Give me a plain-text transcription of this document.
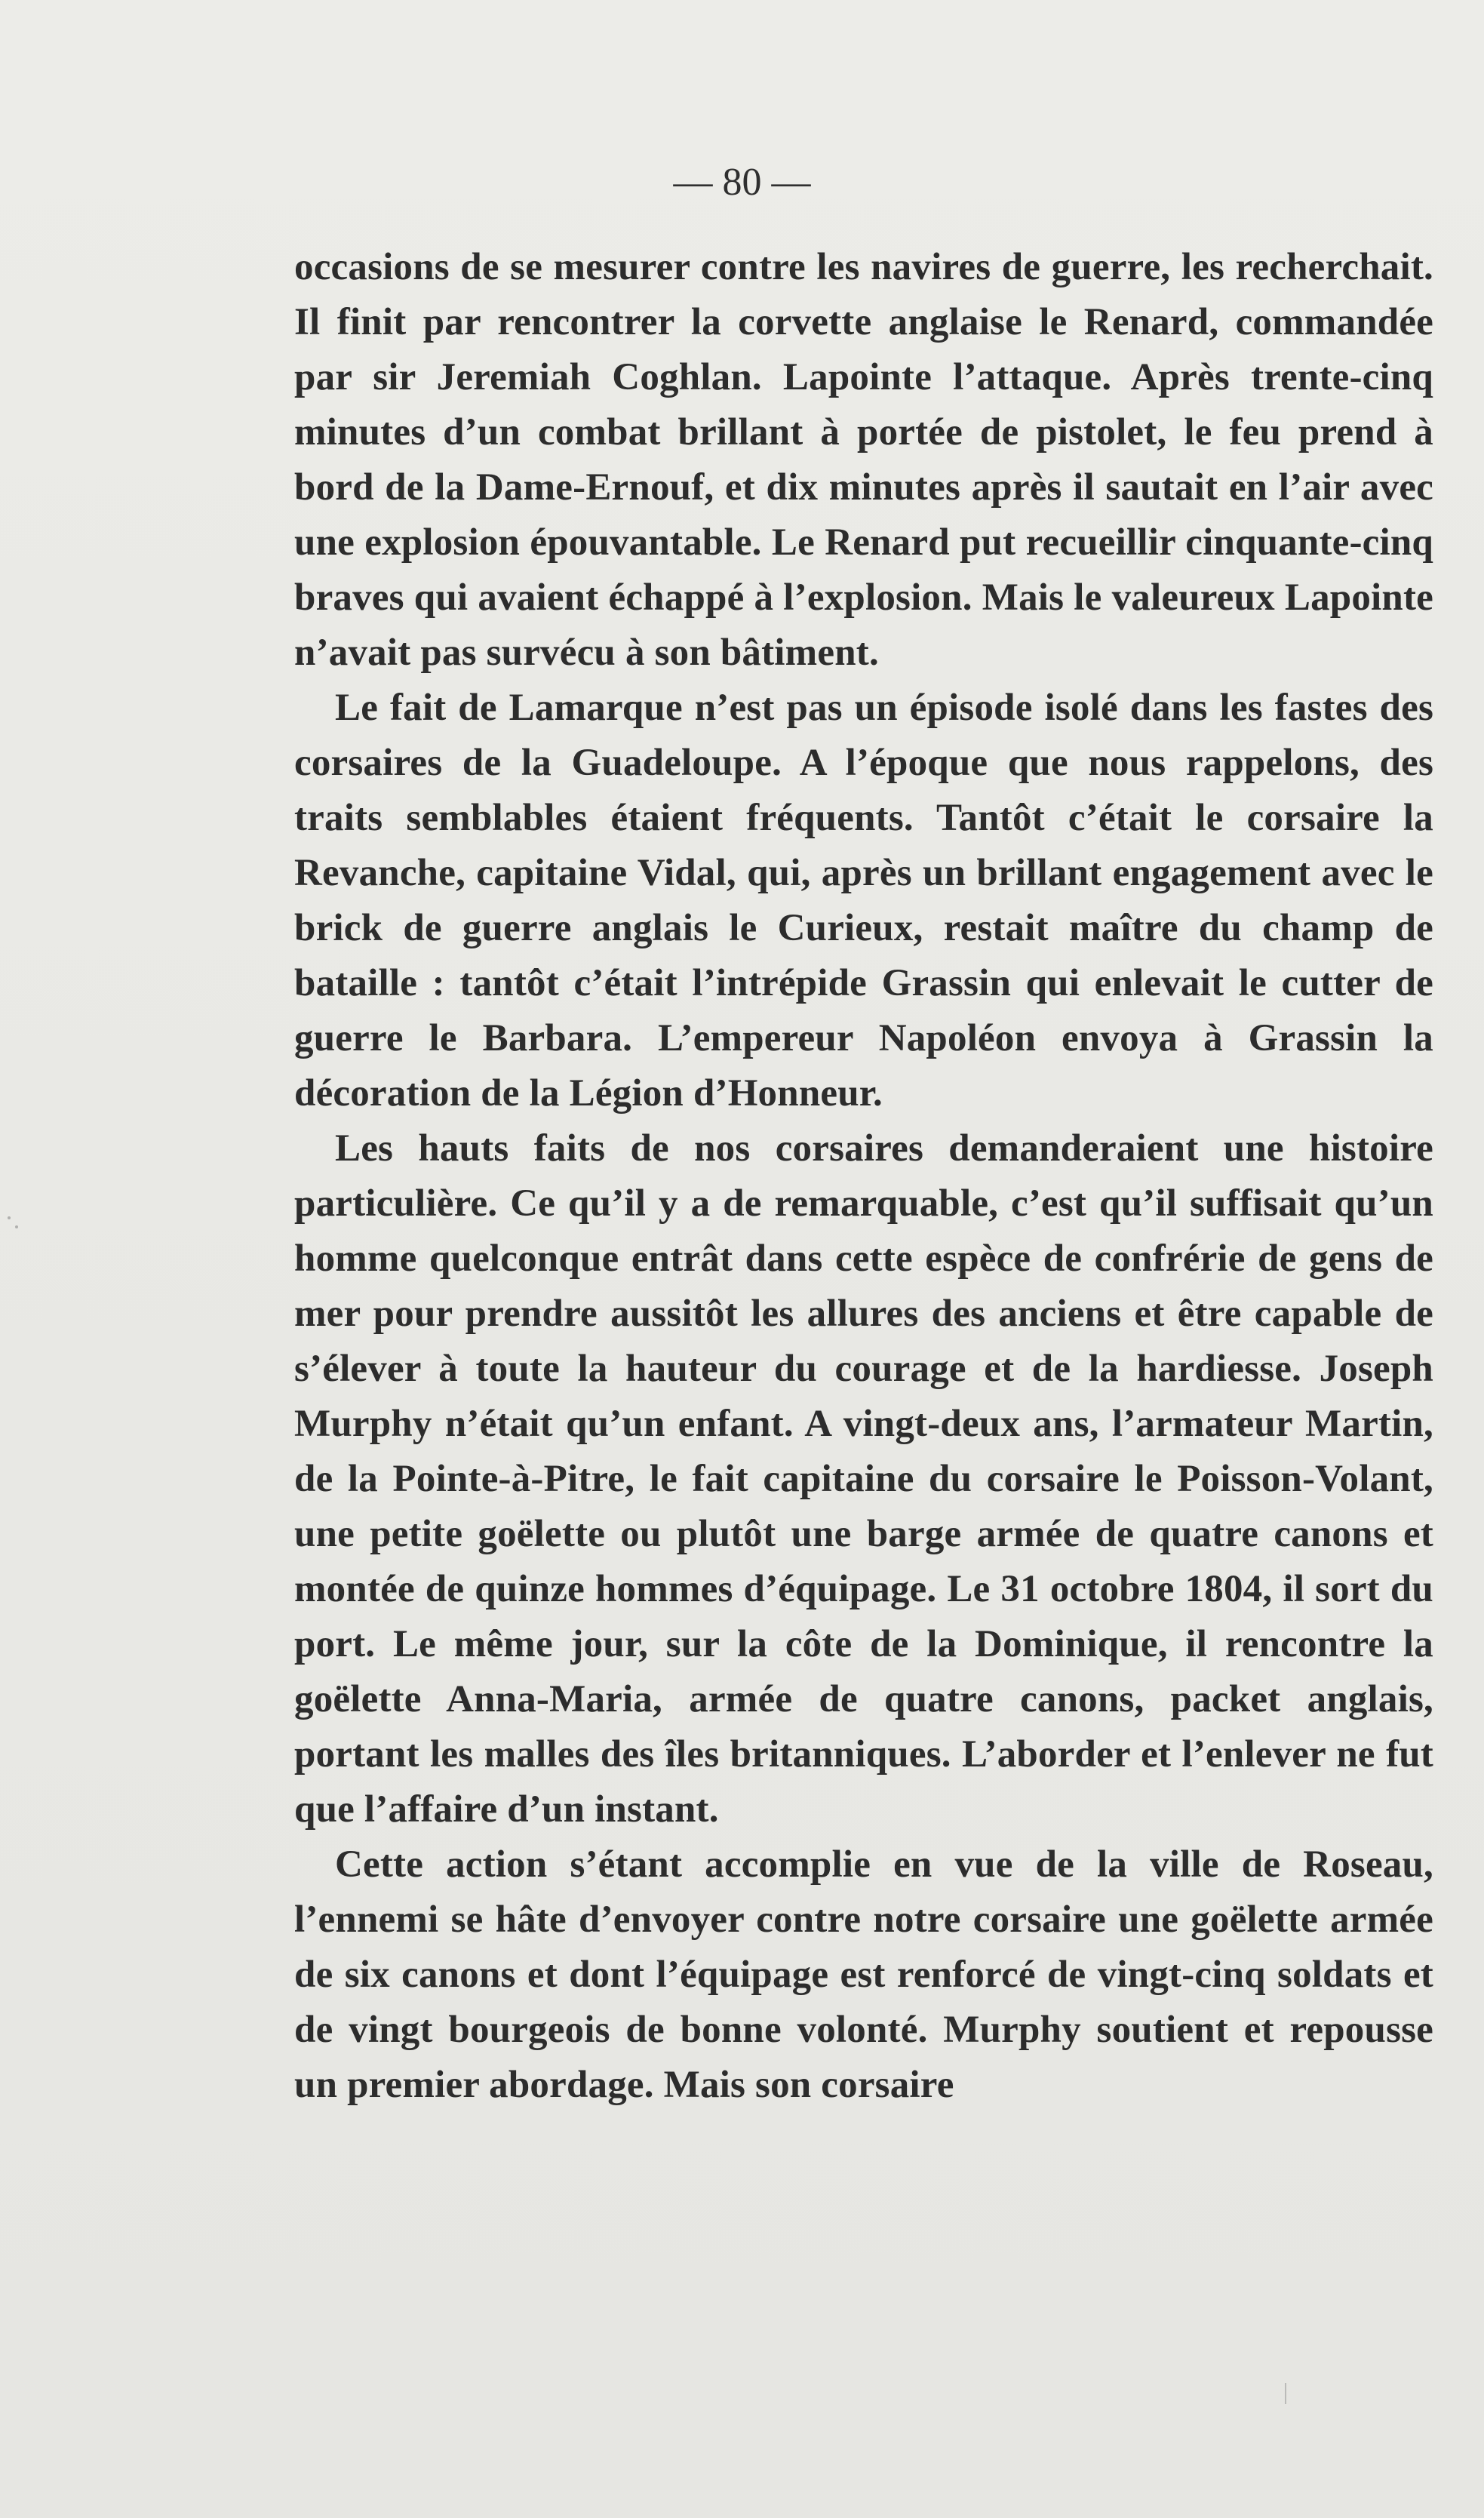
— 80 —

occasions de se mesurer contre les navires de guerre, les recherchait. Il finit par rencontrer la corvette anglaise le Renard, commandée par sir Jeremiah Coghlan. Lapointe l’attaque. Après trente-cinq minutes d’un combat brillant à portée de pistolet, le feu prend à bord de la Dame-Ernouf, et dix minutes après il sautait en l’air avec une explosion épouvantable. Le Renard put recueillir cinquante-cinq braves qui avaient échappé à l’explosion. Mais le valeureux Lapointe n’avait pas survécu à son bâtiment.

Le fait de Lamarque n’est pas un épisode isolé dans les fastes des corsaires de la Guadeloupe. A l’époque que nous rappelons, des traits semblables étaient fréquents. Tantôt c’était le corsaire la Revanche, capitaine Vidal, qui, après un brillant engagement avec le brick de guerre anglais le Curieux, restait maître du champ de bataille : tantôt c’était l’intrépide Grassin qui enlevait le cutter de guerre le Barbara. L’empereur Napoléon envoya à Grassin la décoration de la Légion d’Honneur.

Les hauts faits de nos corsaires demanderaient une histoire particulière. Ce qu’il y a de remarquable, c’est qu’il suffisait qu’un homme quelconque entrât dans cette espèce de confrérie de gens de mer pour prendre aussitôt les allures des anciens et être capable de s’élever à toute la hauteur du courage et de la hardiesse. Joseph Murphy n’était qu’un enfant. A vingt-deux ans, l’armateur Martin, de la Pointe-à-Pitre, le fait capitaine du corsaire le Poisson-Volant, une petite goëlette ou plutôt une barge armée de quatre canons et montée de quinze hommes d’équipage. Le 31 octobre 1804, il sort du port. Le même jour, sur la côte de la Dominique, il rencontre la goëlette Anna-Maria, armée de quatre canons, packet anglais, portant les malles des îles britanniques. L’aborder et l’enlever ne fut que l’affaire d’un instant.

Cette action s’étant accomplie en vue de la ville de Roseau, l’ennemi se hâte d’envoyer contre notre corsaire une goëlette armée de six canons et dont l’équipage est renforcé de vingt-cinq soldats et de vingt bourgeois de bonne volonté. Murphy soutient et repousse un premier abordage. Mais son corsaire
